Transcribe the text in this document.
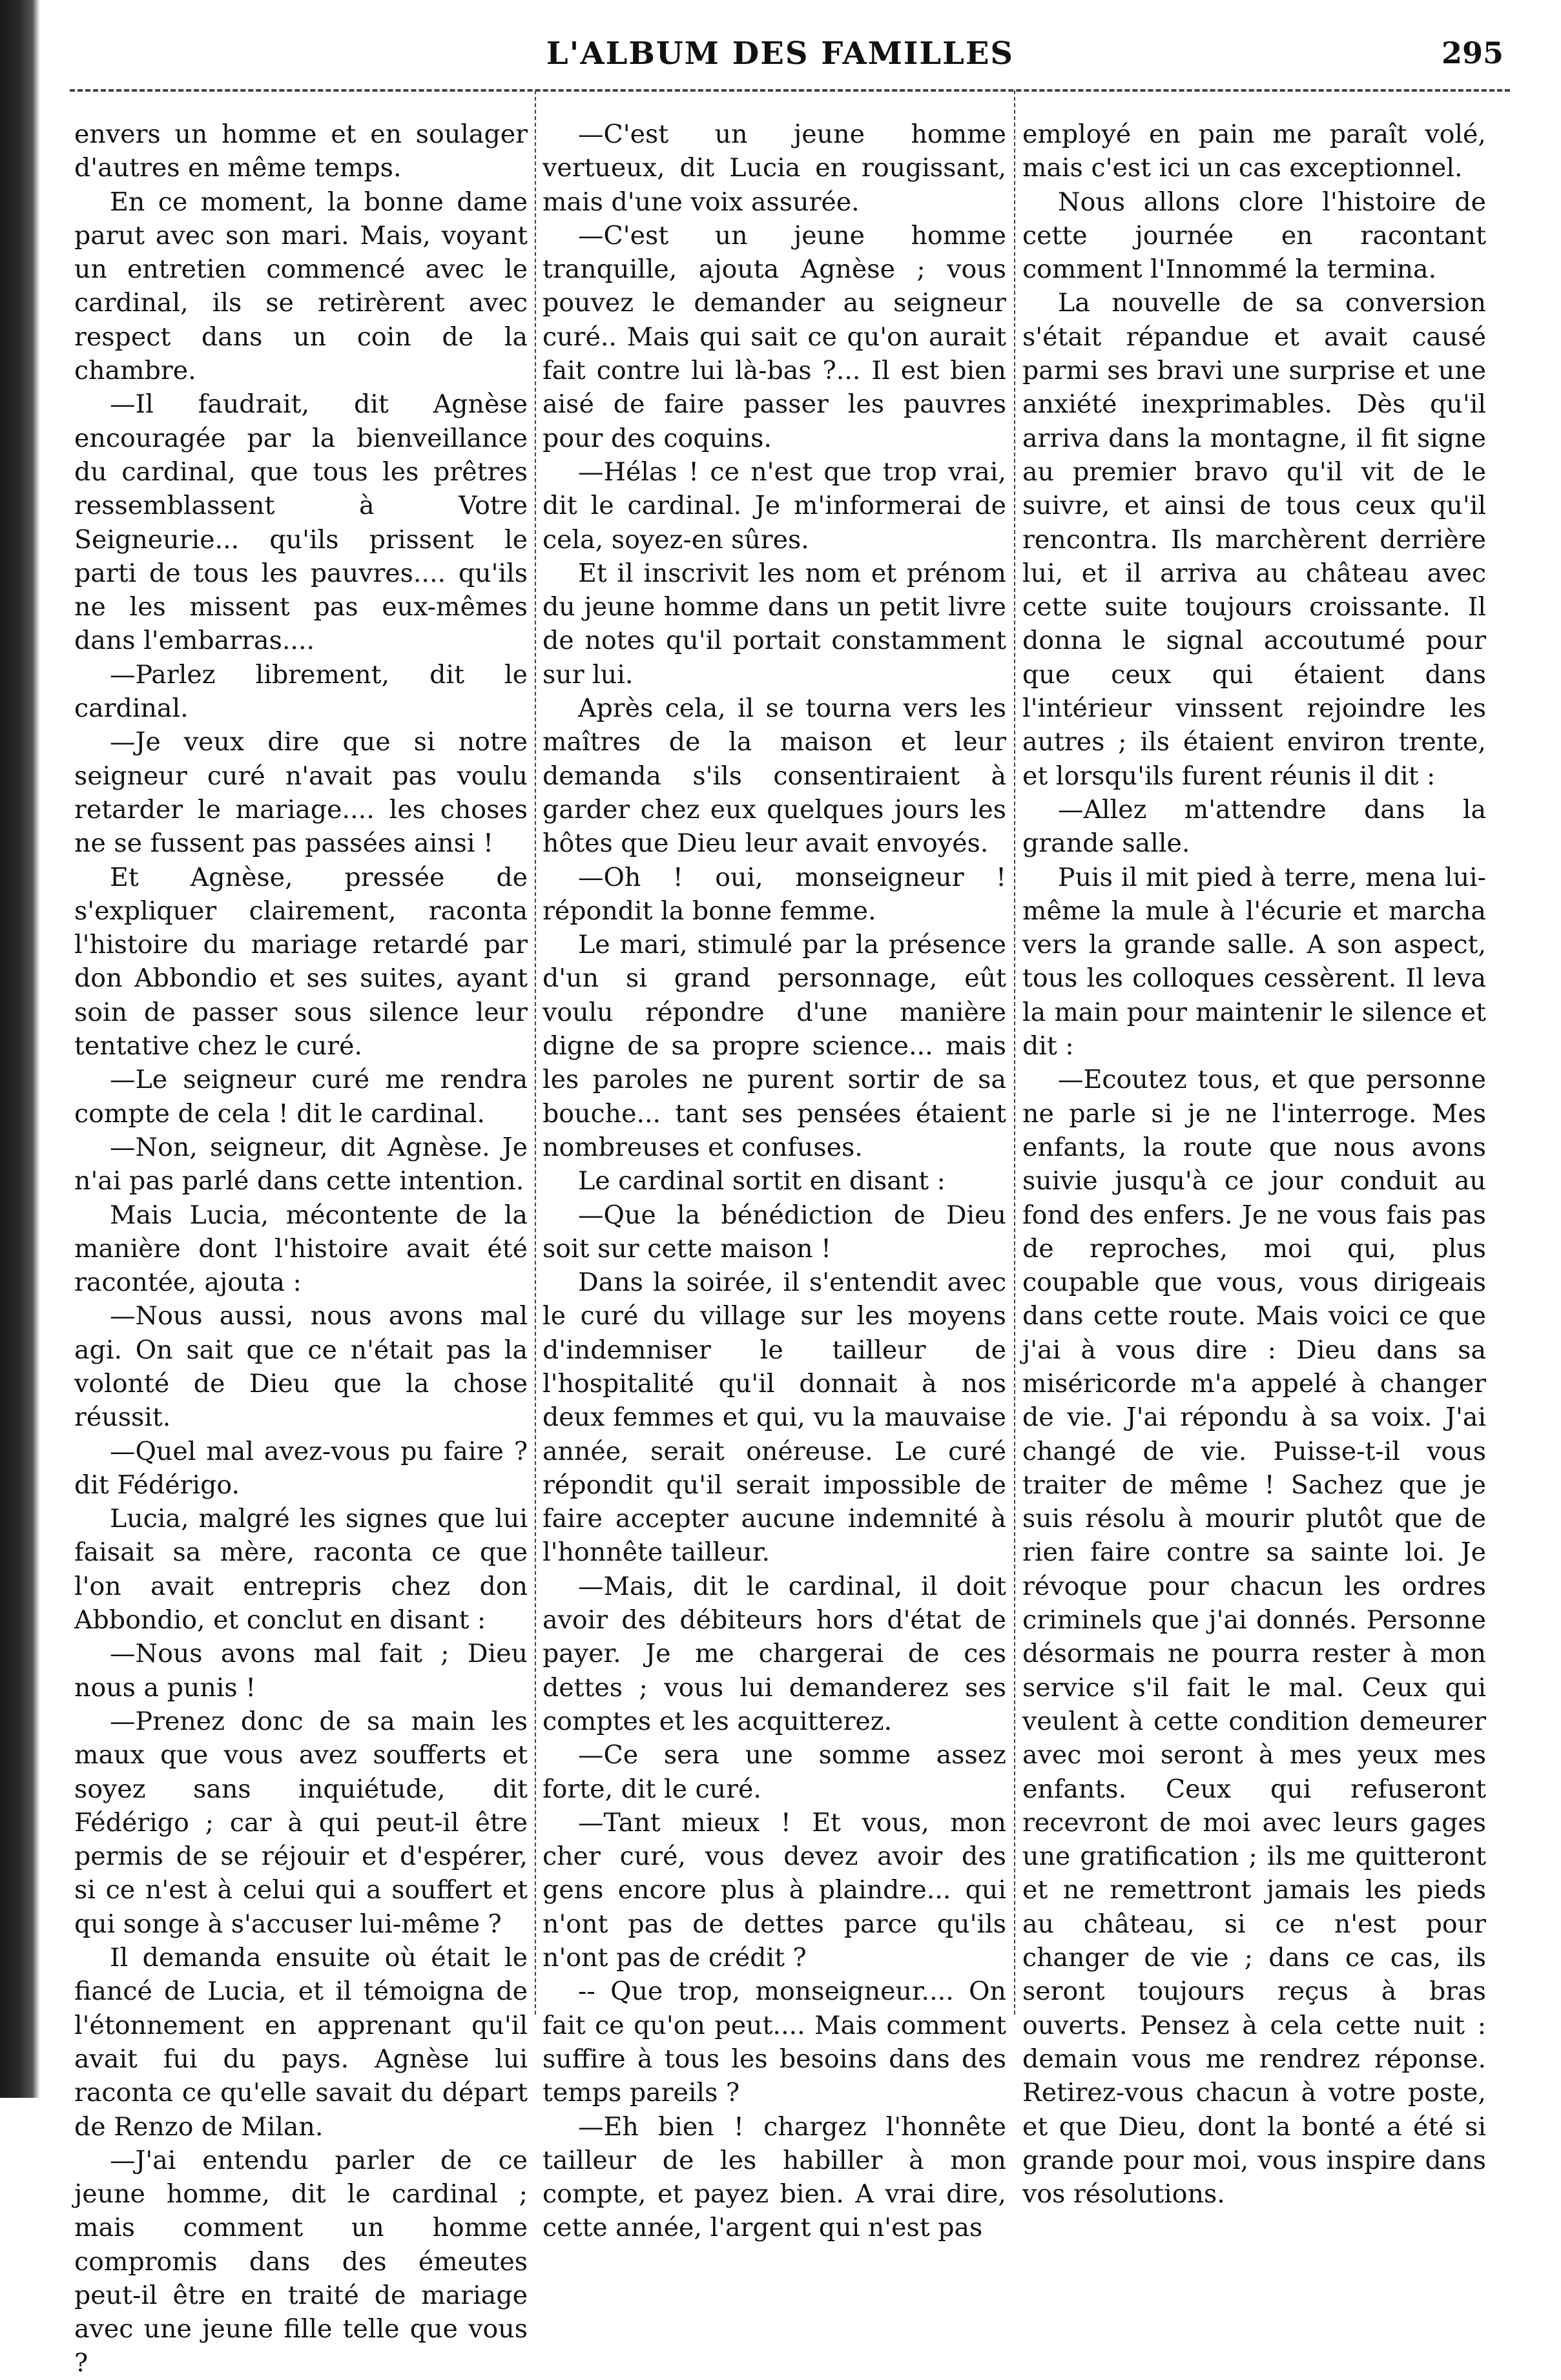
L'ALBUM DES FAMILLES	295

envers un homme et en soulager d'autres en même temps.

En ce moment, la bonne dame parut avec son mari. Mais, voyant un entretien commencé avec le cardinal, ils se retirèrent avec respect dans un coin de la chambre.

—Il faudrait, dit Agnèse encouragée par la bienveillance du cardinal, que tous les prêtres ressemblassent à Votre Seigneurie... qu'ils prissent le parti de tous les pauvres.... qu'ils ne les missent pas eux-mêmes dans l'embarras....

—Parlez librement, dit le cardinal.

—Je veux dire que si notre seigneur curé n'avait pas voulu retarder le mariage.... les choses ne se fussent pas passées ainsi !

Et Agnèse, pressée de s'expliquer clairement, raconta l'histoire du mariage retardé par don Abbondio et ses suites, ayant soin de passer sous silence leur tentative chez le curé.

—Le seigneur curé me rendra compte de cela ! dit le cardinal.

—Non, seigneur, dit Agnèse. Je n'ai pas parlé dans cette intention.

Mais Lucia, mécontente de la manière dont l'histoire avait été racontée, ajouta :

—Nous aussi, nous avons mal agi. On sait que ce n'était pas la volonté de Dieu que la chose réussit.

—Quel mal avez-vous pu faire ? dit Fédérigo.

Lucia, malgré les signes que lui faisait sa mère, raconta ce que l'on avait entrepris chez don Abbondio, et conclut en disant :

—Nous avons mal fait ; Dieu nous a punis !

—Prenez donc de sa main les maux que vous avez soufferts et soyez sans inquiétude, dit Fédérigo ; car à qui peut-il être permis de se réjouir et d'espérer, si ce n'est à celui qui a souffert et qui songe à s'accuser lui-même ?

Il demanda ensuite où était le fiancé de Lucia, et il témoigna de l'étonnement en apprenant qu'il avait fui du pays. Agnèse lui raconta ce qu'elle savait du départ de Renzo de Milan.

—J'ai entendu parler de ce jeune homme, dit le cardinal ; mais comment un homme compromis dans des émeutes peut-il être en traité de mariage avec une jeune fille telle que vous ?

—C'est un jeune homme vertueux, dit Lucia en rougissant, mais d'une voix assurée.

—C'est un jeune homme tranquille, ajouta Agnèse ; vous pouvez le demander au seigneur curé.. Mais qui sait ce qu'on aurait fait contre lui là-bas ?... Il est bien aisé de faire passer les pauvres pour des coquins.

—Hélas ! ce n'est que trop vrai, dit le cardinal. Je m'informerai de cela, soyez-en sûres.

Et il inscrivit les nom et prénom du jeune homme dans un petit livre de notes qu'il portait constamment sur lui.

Après cela, il se tourna vers les maîtres de la maison et leur demanda s'ils consentiraient à garder chez eux quelques jours les hôtes que Dieu leur avait envoyés.

—Oh ! oui, monseigneur ! répondit la bonne femme.

Le mari, stimulé par la présence d'un si grand personnage, eût voulu répondre d'une manière digne de sa propre science... mais les paroles ne purent sortir de sa bouche... tant ses pensées étaient nombreuses et confuses.

Le cardinal sortit en disant :

—Que la bénédiction de Dieu soit sur cette maison !

Dans la soirée, il s'entendit avec le curé du village sur les moyens d'indemniser le tailleur de l'hospitalité qu'il donnait à nos deux femmes et qui, vu la mauvaise année, serait onéreuse. Le curé répondit qu'il serait impossible de faire accepter aucune indemnité à l'honnête tailleur.

—Mais, dit le cardinal, il doit avoir des débiteurs hors d'état de payer. Je me chargerai de ces dettes ; vous lui demanderez ses comptes et les acquitterez.

—Ce sera une somme assez forte, dit le curé.

—Tant mieux ! Et vous, mon cher curé, vous devez avoir des gens encore plus à plaindre... qui n'ont pas de dettes parce qu'ils n'ont pas de crédit ?

-- Que trop, monseigneur.... On fait ce qu'on peut.... Mais comment suffire à tous les besoins dans des temps pareils ?

—Eh bien ! chargez l'honnête tailleur de les habiller à mon compte, et payez bien. A vrai dire, cette année, l'argent qui n'est pas

employé en pain me paraît volé, mais c'est ici un cas exceptionnel.

Nous allons clore l'histoire de cette journée en racontant comment l'Innommé la termina.

La nouvelle de sa conversion s'était répandue et avait causé parmi ses bravi une surprise et une anxiété inexprimables. Dès qu'il arriva dans la montagne, il fit signe au premier bravo qu'il vit de le suivre, et ainsi de tous ceux qu'il rencontra. Ils marchèrent derrière lui, et il arriva au château avec cette suite toujours croissante. Il donna le signal accoutumé pour que ceux qui étaient dans l'intérieur vinssent rejoindre les autres ; ils étaient environ trente, et lorsqu'ils furent réunis il dit :

—Allez m'attendre dans la grande salle.

Puis il mit pied à terre, mena lui-même la mule à l'écurie et marcha vers la grande salle. A son aspect, tous les colloques cessèrent. Il leva la main pour maintenir le silence et dit :

—Ecoutez tous, et que personne ne parle si je ne l'interroge. Mes enfants, la route que nous avons suivie jusqu'à ce jour conduit au fond des enfers. Je ne vous fais pas de reproches, moi qui, plus coupable que vous, vous dirigeais dans cette route. Mais voici ce que j'ai à vous dire : Dieu dans sa miséricorde m'a appelé à changer de vie. J'ai répondu à sa voix. J'ai changé de vie. Puisse-t-il vous traiter de même ! Sachez que je suis résolu à mourir plutôt que de rien faire contre sa sainte loi. Je révoque pour chacun les ordres criminels que j'ai donnés. Personne désormais ne pourra rester à mon service s'il fait le mal. Ceux qui veulent à cette condition demeurer avec moi seront à mes yeux mes enfants. Ceux qui refuseront recevront de moi avec leurs gages une gratification ; ils me quitteront et ne remettront jamais les pieds au château, si ce n'est pour changer de vie ; dans ce cas, ils seront toujours reçus à bras ouverts. Pensez à cela cette nuit : demain vous me rendrez réponse. Retirez-vous chacun à votre poste, et que Dieu, dont la bonté a été si grande pour moi, vous inspire dans vos résolutions.
